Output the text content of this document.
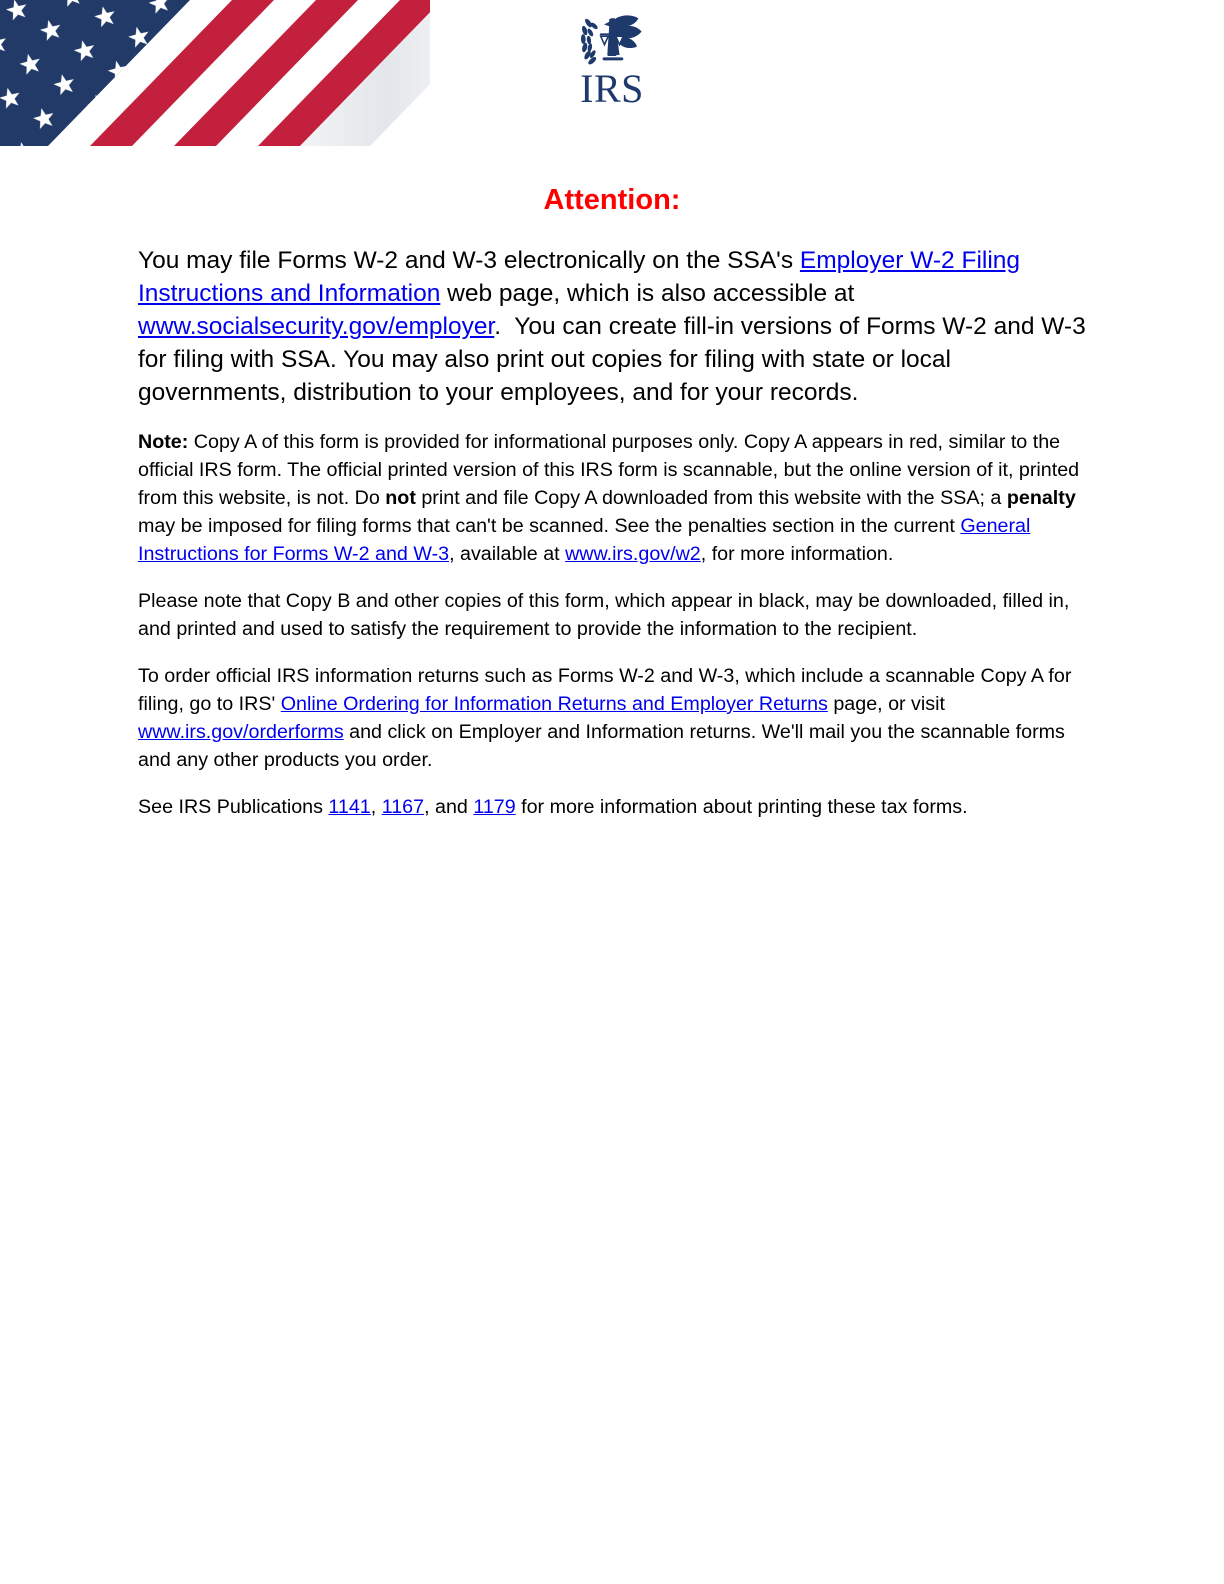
IRS
Attention:

You may file Forms W-2 and W-3 electronically on the SSA's Employer W-2 Filing Instructions and Information web page, which is also accessible at www.socialsecurity.gov/employer.  You can create fill-in versions of Forms W-2 and W-3 for filing with SSA. You may also print out copies for filing with state or local governments, distribution to your employees, and for your records.

Note: Copy A of this form is provided for informational purposes only. Copy A appears in red, similar to the official IRS form. The official printed version of this IRS form is scannable, but the online version of it, printed from this website, is not. Do not print and file Copy A downloaded from this website with the SSA; a penalty may be imposed for filing forms that can't be scanned. See the penalties section in the current General Instructions for Forms W-2 and W-3, available at www.irs.gov/w2, for more information.

Please note that Copy B and other copies of this form, which appear in black, may be downloaded, filled in, and printed and used to satisfy the requirement to provide the information to the recipient.

To order official IRS information returns such as Forms W-2 and W-3, which include a scannable Copy A for filing, go to IRS' Online Ordering for Information Returns and Employer Returns page, or visit www.irs.gov/orderforms and click on Employer and Information returns. We'll mail you the scannable forms and any other products you order.

See IRS Publications 1141, 1167, and 1179 for more information about printing these tax forms.
